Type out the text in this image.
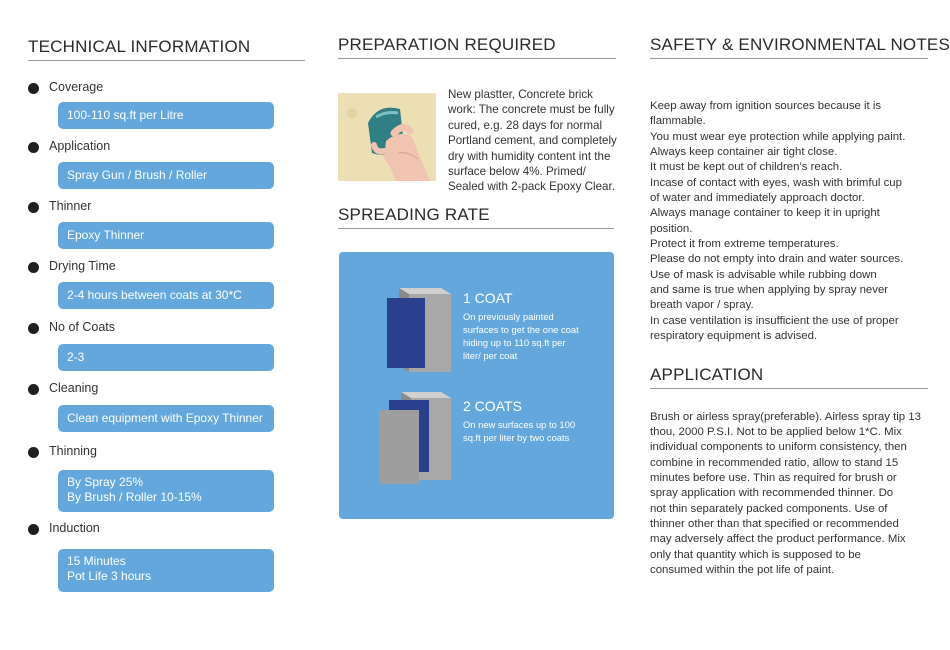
TECHNICAL INFORMATION
Coverage
100-110 sq.ft per Litre
Application
Spray Gun / Brush / Roller
Thinner
Epoxy Thinner
Drying Time
2-4 hours between coats at 30*C
No of Coats
2-3
Cleaning
Clean equipment with Epoxy Thinner
Thinning
By Spray 25%
By Brush / Roller 10-15%
Induction
15 Minutes
Pot Life 3 hours
PREPARATION REQUIRED
New plastter, Concrete brick work: The concrete must be fully cured, e.g. 28 days for normal Portland cement, and completely dry with humidity content int the surface below 4%. Primed/ Sealed with 2-pack Epoxy Clear.
SPREADING RATE
1 COAT
On previously painted surfaces to get the one coat hiding up to 110 sq.ft per liter/ per coat
2 COATS
On new surfaces up to 100 sq.ft per liter by two coats
SAFETY & ENVIRONMENTAL NOTES
Keep away from ignition sources because it is
flammable.
You must wear eye protection while applying paint.
Always keep container air tight close.
It must be kept out of children’s reach.
Incase of contact with eyes, wash with brimful cup
of water and immediately approach doctor.
Always manage container to keep it in upright
position.
Protect it from extreme temperatures.
Please do not empty into drain and water sources.
Use of mask is advisable while rubbing down
and same is true when applying by spray never
breath vapor / spray.
In case ventilation is insufficient the use of proper
respiratory equipment is advised.
APPLICATION
Brush or airless spray(preferable). Airless spray tip 13
thou, 2000 P.S.I. Not to be applied below 1*C. Mix
individual components to uniform consistency, then
combine in recommended ratio, allow to stand 15
minutes before use. Thin as required for brush or
spray application with recommended thinner. Do
not thin separately packed components. Use of
thinner other than that specified or recommended
may adversely affect the product performance. Mix
only that quantity which is supposed to be
consumed within the pot life of paint.
